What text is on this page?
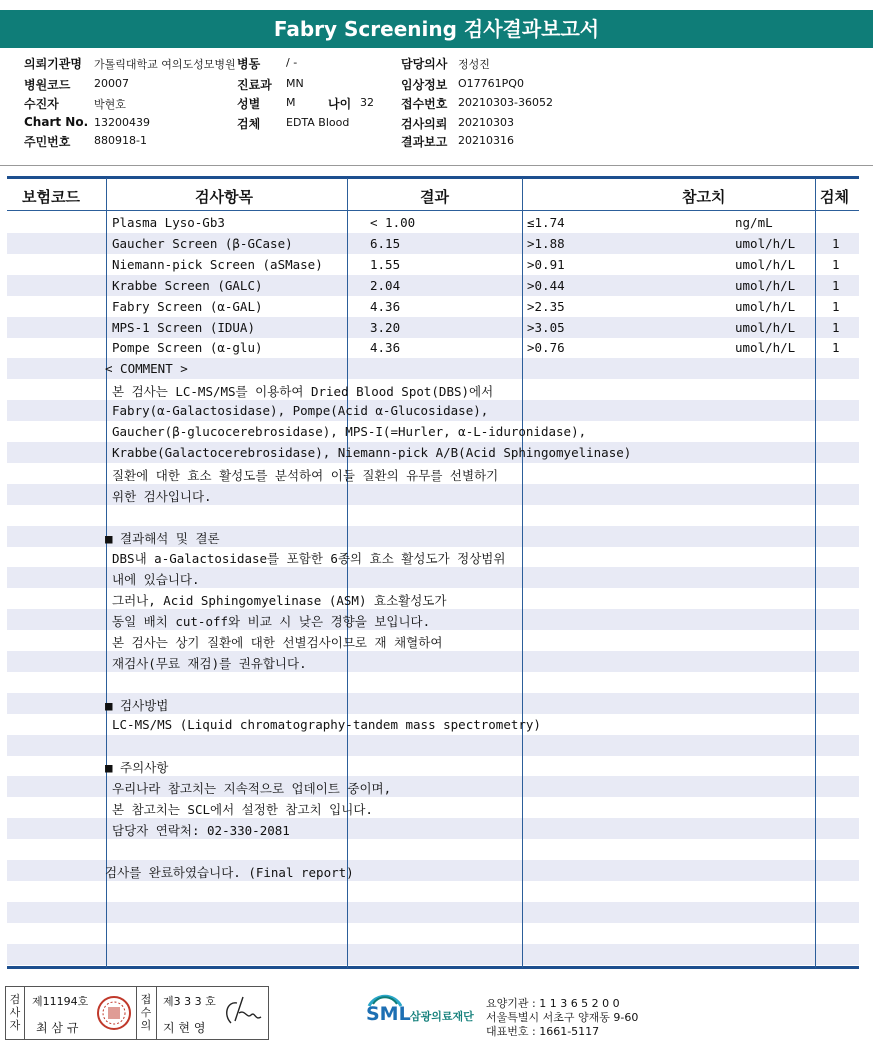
Fabry Screening 검사결과보고서
의뢰기관명 가톨릭대학교 여의도성모병원
병원코드 20007
수진자	박현호
Chart No. 13200439
주민번호 880918-1
병동 / -
진료과 MN
성별 M
검체 EDTA Blood
나이 32
담당의사 정성진
임상정보 O17761PQ0
접수번호 20210303-36052
검사의뢰 20210303
결과보고 20210316
보험코드	검사항목	결과	참고치	검체
Plasma Lyso-Gb3	< 1.00	≤1.74	ng/mL
Gaucher Screen (β-GCase)	6.15	>1.88	umol/h/L	1
Niemann-pick Screen (aSMase)	1.55	>0.91	umol/h/L	1
Krabbe Screen (GALC)	2.04	>0.44	umol/h/L	1
Fabry Screen (α-GAL)	4.36	>2.35	umol/h/L	1
MPS-1 Screen (IDUA)	3.20	>3.05	umol/h/L	1
Pompe Screen (α-glu)	4.36	>0.76	umol/h/L	1
< COMMENT >
본 검사는 LC-MS/MS를 이용하여 Dried Blood Spot(DBS)에서
Fabry(α-Galactosidase), Pompe(Acid α-Glucosidase),
Gaucher(β-glucocerebrosidase), MPS-I(=Hurler, α-L-iduronidase),
Krabbe(Galactocerebrosidase), Niemann-pick A/B(Acid Sphingomyelinase)
질환에 대한 효소 활성도를 분석하여 이들 질환의 유무를 선별하기
위한 검사입니다.
■ 결과해석 및 결론
DBS내 a-Galactosidase를 포함한 6종의 효소 활성도가 정상범위
내에 있습니다.
그러나, Acid Sphingomyelinase (ASM) 효소활성도가
동일 배치 cut-off와 비교 시 낮은 경향을 보입니다.
본 검사는 상기 질환에 대한 선별검사이므로 재 채혈하여
재검사(무료 재검)를 권유합니다.
■ 검사방법
LC-MS/MS (Liquid chromatography-tandem mass spectrometry)
■ 주의사항
우리나라 참고치는 지속적으로 업데이트 중이며,
본 참고치는 SCL에서 설정한 참고치 입니다.
담당자 연락처: 02-330-2081
검사를 완료하였습니다. (Final report)
검사자
제11194호
최 삼 규
접수의
제3 3 3 호
지 현 영
SML 삼광의료재단
요양기관 : 1 1 3 6 5 2 0 0
서울특별시 서초구 양재동 9-60
대표번호 : 1661-5117
